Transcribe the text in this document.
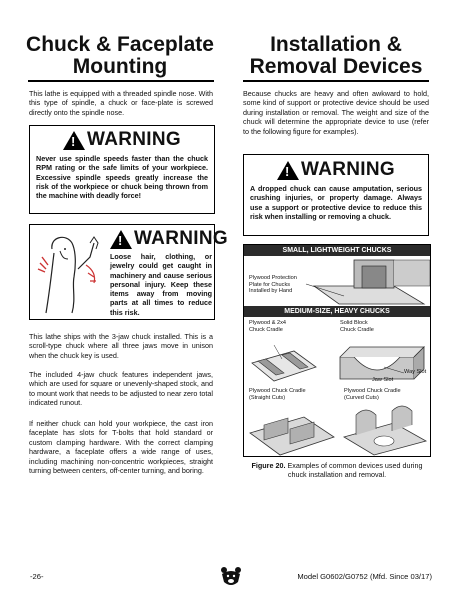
Chuck & Faceplate
Mounting
This lathe is equipped with a threaded spindle nose. With this type of spindle, a chuck or face-plate is screwed directly onto the spindle nose.
! WARNING
Never use spindle speeds faster than the chuck RPM rating or the safe limits of your workpiece. Excessive spindle speeds greatly increase the risk of the workpiece or chuck being thrown from the machine with deadly force!
! WARNING
Loose hair, clothing, or jewelry could get caught in machinery and cause serious personal injury. Keep these items away from moving parts at all times to reduce this risk.
This lathe ships with the 3-jaw chuck installed. This is a scroll-type chuck where all three jaws move in unison when the chuck key is used.
The included 4-jaw chuck features independent jaws, which are used for square or unevenly-shaped stock, and to mount work that needs to be adjusted to near zero total indicated runout.
If neither chuck can hold your workpiece, the cast iron faceplate has slots for T-bolts that hold standard or custom clamping hardware. With the correct clamping hardware, a faceplate offers a wide range of uses, including machining non-concentric workpieces, straight turning between centers, off-center turning, and boring.
Installation &
Removal Devices
Because chucks are heavy and often awkward to hold, some kind of support or protective device should be used during installation or removal. The weight and size of the chuck will determine the appropriate device to use (refer to the following figure for examples).
! WARNING
A dropped chuck can cause amputation, serious crushing injuries, or property damage. Always use a support or protective device to reduce this risk when installing or removing a chuck.
SMALL, LIGHTWEIGHT CHUCKS
Plywood Protection
Plate for Chucks
Installed by Hand
MEDIUM-SIZE, HEAVY CHUCKS
Plywood & 2x4
Chuck Cradle
Solid Block
Chuck Cradle
Way Slot
Jaw Slot
Plywood Chuck Cradle
(Straight Cuts)
Plywood Chuck Cradle
(Curved Cuts)
Figure 20. Examples of common devices used during chuck installation and removal.
-26-	Model G0602/G0752 (Mfd. Since 03/17)
